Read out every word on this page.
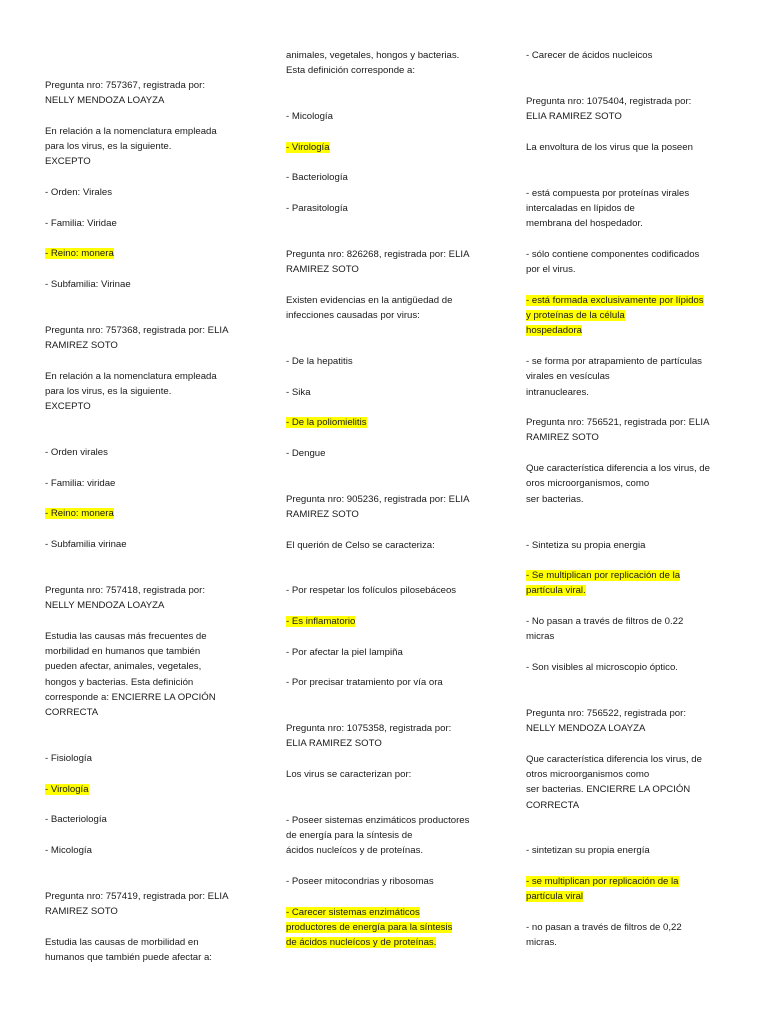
Pregunta nro: 757367, registrada por:
NELLY MENDOZA LOAYZA
En relación a la nomenclatura empleada
para los virus, es la siguiente.
EXCEPTO
- Orden: Virales
- Familia: Viridae
- Reino: monera
- Subfamilia: Virinae
Pregunta nro: 757368, registrada por: ELIA
RAMIREZ SOTO
En relación a la nomenclatura empleada
para los virus, es la siguiente.
EXCEPTO
- Orden virales
- Familia: viridae
- Reino: monera
- Subfamilia virinae
Pregunta nro: 757418, registrada por:
NELLY MENDOZA LOAYZA
Estudia las causas más frecuentes de
morbilidad en humanos que también
pueden afectar, animales, vegetales,
hongos y bacterias. Esta definición
corresponde a: ENCIERRE LA OPCIÓN
CORRECTA
- Fisiología
- Virología
- Bacteriología
- Micología
Pregunta nro: 757419, registrada por: ELIA
RAMIREZ SOTO
Estudia las causas de morbilidad en
humanos que también puede afectar a:
animales, vegetales, hongos y bacterias.
Esta definición corresponde a:
- Micología
- Virología
- Bacteriología
- Parasitología
Pregunta nro: 826268, registrada por: ELIA
RAMIREZ SOTO
Existen evidencias en la antigüedad de
infecciones causadas por virus:
- De la hepatitis
- Sika
- De la poliomielitis
- Dengue
Pregunta nro: 905236, registrada por: ELIA
RAMIREZ SOTO
El querión de Celso se caracteriza:
- Por respetar los folículos pilosebáceos
- Es inflamatorio
- Por afectar la piel lampiña
- Por precisar tratamiento por vía ora
Pregunta nro: 1075358, registrada por:
ELIA RAMIREZ SOTO
Los virus se caracterizan por:
- Poseer sistemas enzimáticos productores
de energía para la síntesis de
ácidos nucleícos y de proteínas.
- Poseer mitocondrias y ribosomas
- Carecer sistemas enzimáticos
productores de energía para la síntesis
de ácidos nucleícos y de proteínas.
- Carecer de ácidos nucleicos
Pregunta nro: 1075404, registrada por:
ELIA RAMIREZ SOTO
La envoltura de los virus que la poseen
- está compuesta por proteínas virales
intercaladas en lípidos de
membrana del hospedador.
- sólo contiene componentes codificados
por el virus.
- está formada exclusivamente por lípidos
y proteínas de la célula
hospedadora
- se forma por atrapamiento de partículas
virales en vesículas
intranucleares.
Pregunta nro: 756521, registrada por: ELIA
RAMIREZ SOTO
Que característica diferencia a los virus, de
oros microorganismos, como
ser bacterias.
- Sintetiza su propia energia
- Se multiplican por replicación de la
partícula viral.
- No pasan a través de filtros de 0.22
micras
- Son visibles al microscopio óptico.
Pregunta nro: 756522, registrada por:
NELLY MENDOZA LOAYZA
Que característica diferencia los virus, de
otros microorganismos como
ser bacterias. ENCIERRE LA OPCIÓN
CORRECTA
- sintetizan su propia energía
- se multiplican por replicación de la
partícula viral
- no pasan a través de filtros de 0,22
micras.
